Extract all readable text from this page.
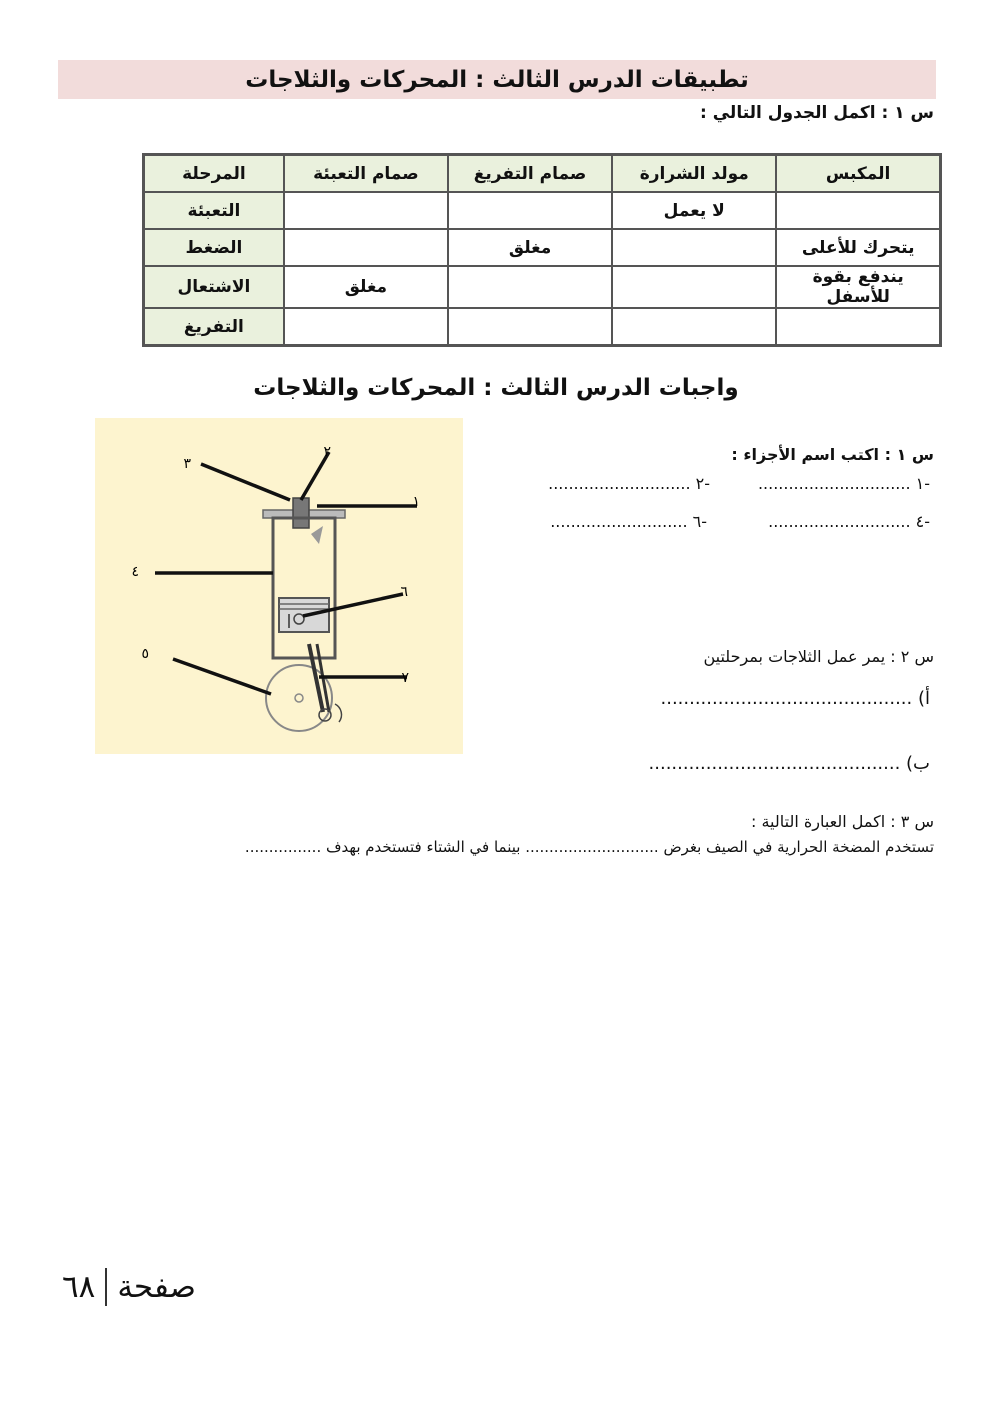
تطبيقات الدرس الثالث : المحركات والثلاجات
س ١ : اكمل الجدول التالي :
المكبس	مولد الشرارة	صمام التفريغ	صمام التعبئة	المرحلة
	لا يعمل			التعبئة
يتحرك للأعلى		مغلق		الضغط
يندفع بقوة للأسفل			مغلق	الاشتعال
				التفريغ
واجبات الدرس الثالث : المحركات والثلاجات
١
٢
٣
٤
٥
٦
٧
س ١ : اكتب اسم الأجزاء :
-١ ..............................
-٢ ............................
-٤ ............................
-٦ ...........................
س ٢ : يمر عمل الثلاجات بمرحلتين
أ) ............................................
ب) ............................................
س ٣ : اكمل العبارة التالية :
تستخدم المضخة الحرارية في الصيف بغرض ............................ بينما في الشتاء فتستخدم بهدف ................
٦٨ صفحة
